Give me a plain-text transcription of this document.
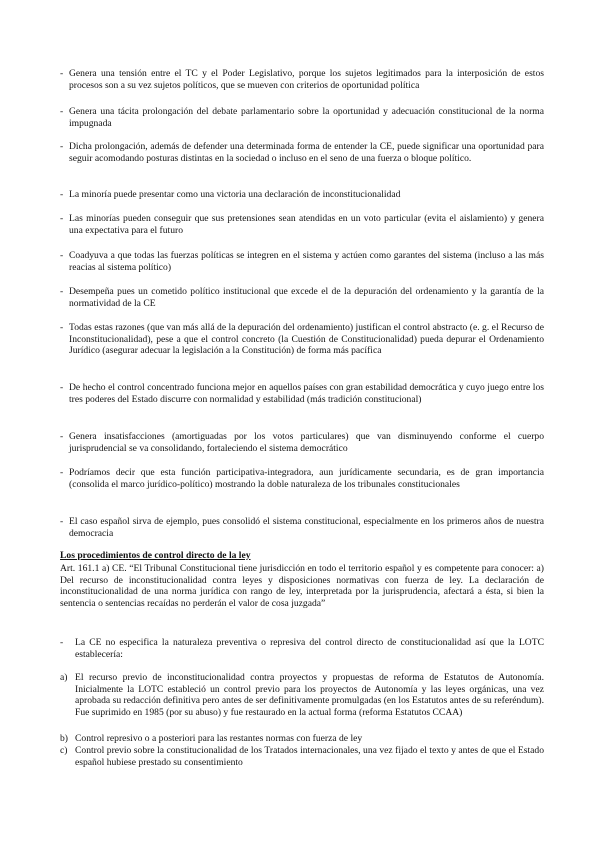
- Genera una tensión entre el TC y el Poder Legislativo, porque los sujetos legitimados para la interposición de estos procesos son a su vez sujetos políticos, que se mueven con criterios de oportunidad política
- Genera una tácita prolongación del debate parlamentario sobre la oportunidad y adecuación constitucional de la norma impugnada
- Dicha prolongación, además de defender una determinada forma de entender la CE, puede significar una oportunidad para seguir acomodando posturas distintas en la sociedad o incluso en el seno de una fuerza o bloque político.
- La minoría puede presentar como una victoria una declaración de inconstitucionalidad
- Las minorías pueden conseguir que sus pretensiones sean atendidas en un voto particular (evita el aislamiento) y genera una expectativa para el futuro
- Coadyuva a que todas las fuerzas políticas se integren en el sistema y actúen como garantes del sistema (incluso a las más reacias al sistema político)
- Desempeña pues un cometido político institucional que excede el de la depuración del ordenamiento y la garantía de la normatividad de la CE
- Todas estas razones (que van más allá de la depuración del ordenamiento) justifican el control abstracto (e. g. el Recurso de Inconstitucionalidad), pese a que el control concreto (la Cuestión de Constitucionalidad) pueda depurar el Ordenamiento Jurídico (asegurar adecuar la legislación a la Constitución) de forma más pacífica
- De hecho el control concentrado funciona mejor en aquellos países con gran estabilidad democrática y cuyo juego entre los tres poderes del Estado discurre con normalidad y estabilidad (más tradición constitucional)
- Genera insatisfacciones (amortiguadas por los votos particulares) que van disminuyendo conforme el cuerpo jurisprudencial se va consolidando, fortaleciendo el sistema democrático
- Podríamos decir que esta función participativa-integradora, aun jurídicamente secundaria, es de gran importancia (consolida el marco jurídico-político) mostrando la doble naturaleza de los tribunales constitucionales
- El caso español sirva de ejemplo, pues consolidó el sistema constitucional, especialmente en los primeros años de nuestra democracia
Los procedimientos de control directo de la ley
Art. 161.1 a) CE. “El Tribunal Constitucional tiene jurisdicción en todo el territorio español y es competente para conocer: a) Del recurso de inconstitucionalidad contra leyes y disposiciones normativas con fuerza de ley. La declaración de inconstitucionalidad de una norma jurídica con rango de ley, interpretada por la jurisprudencia, afectará a ésta, si bien la sentencia o sentencias recaídas no perderán el valor de cosa juzgada”
- La CE no especifica la naturaleza preventiva o represiva del control directo de constitucionalidad así que la LOTC establecería:
a) El recurso previo de inconstitucionalidad contra proyectos y propuestas de reforma de Estatutos de Autonomía. Inicialmente la LOTC estableció un control previo para los proyectos de Autonomía y las leyes orgánicas, una vez aprobada su redacción definitiva pero antes de ser definitivamente promulgadas (en los Estatutos antes de su referéndum). Fue suprimido en 1985 (por su abuso) y fue restaurado en la actual forma (reforma Estatutos CCAA)
b) Control represivo o a posteriori para las restantes normas con fuerza de ley
c) Control previo sobre la constitucionalidad de los Tratados internacionales, una vez fijado el texto y antes de que el Estado español hubiese prestado su consentimiento
